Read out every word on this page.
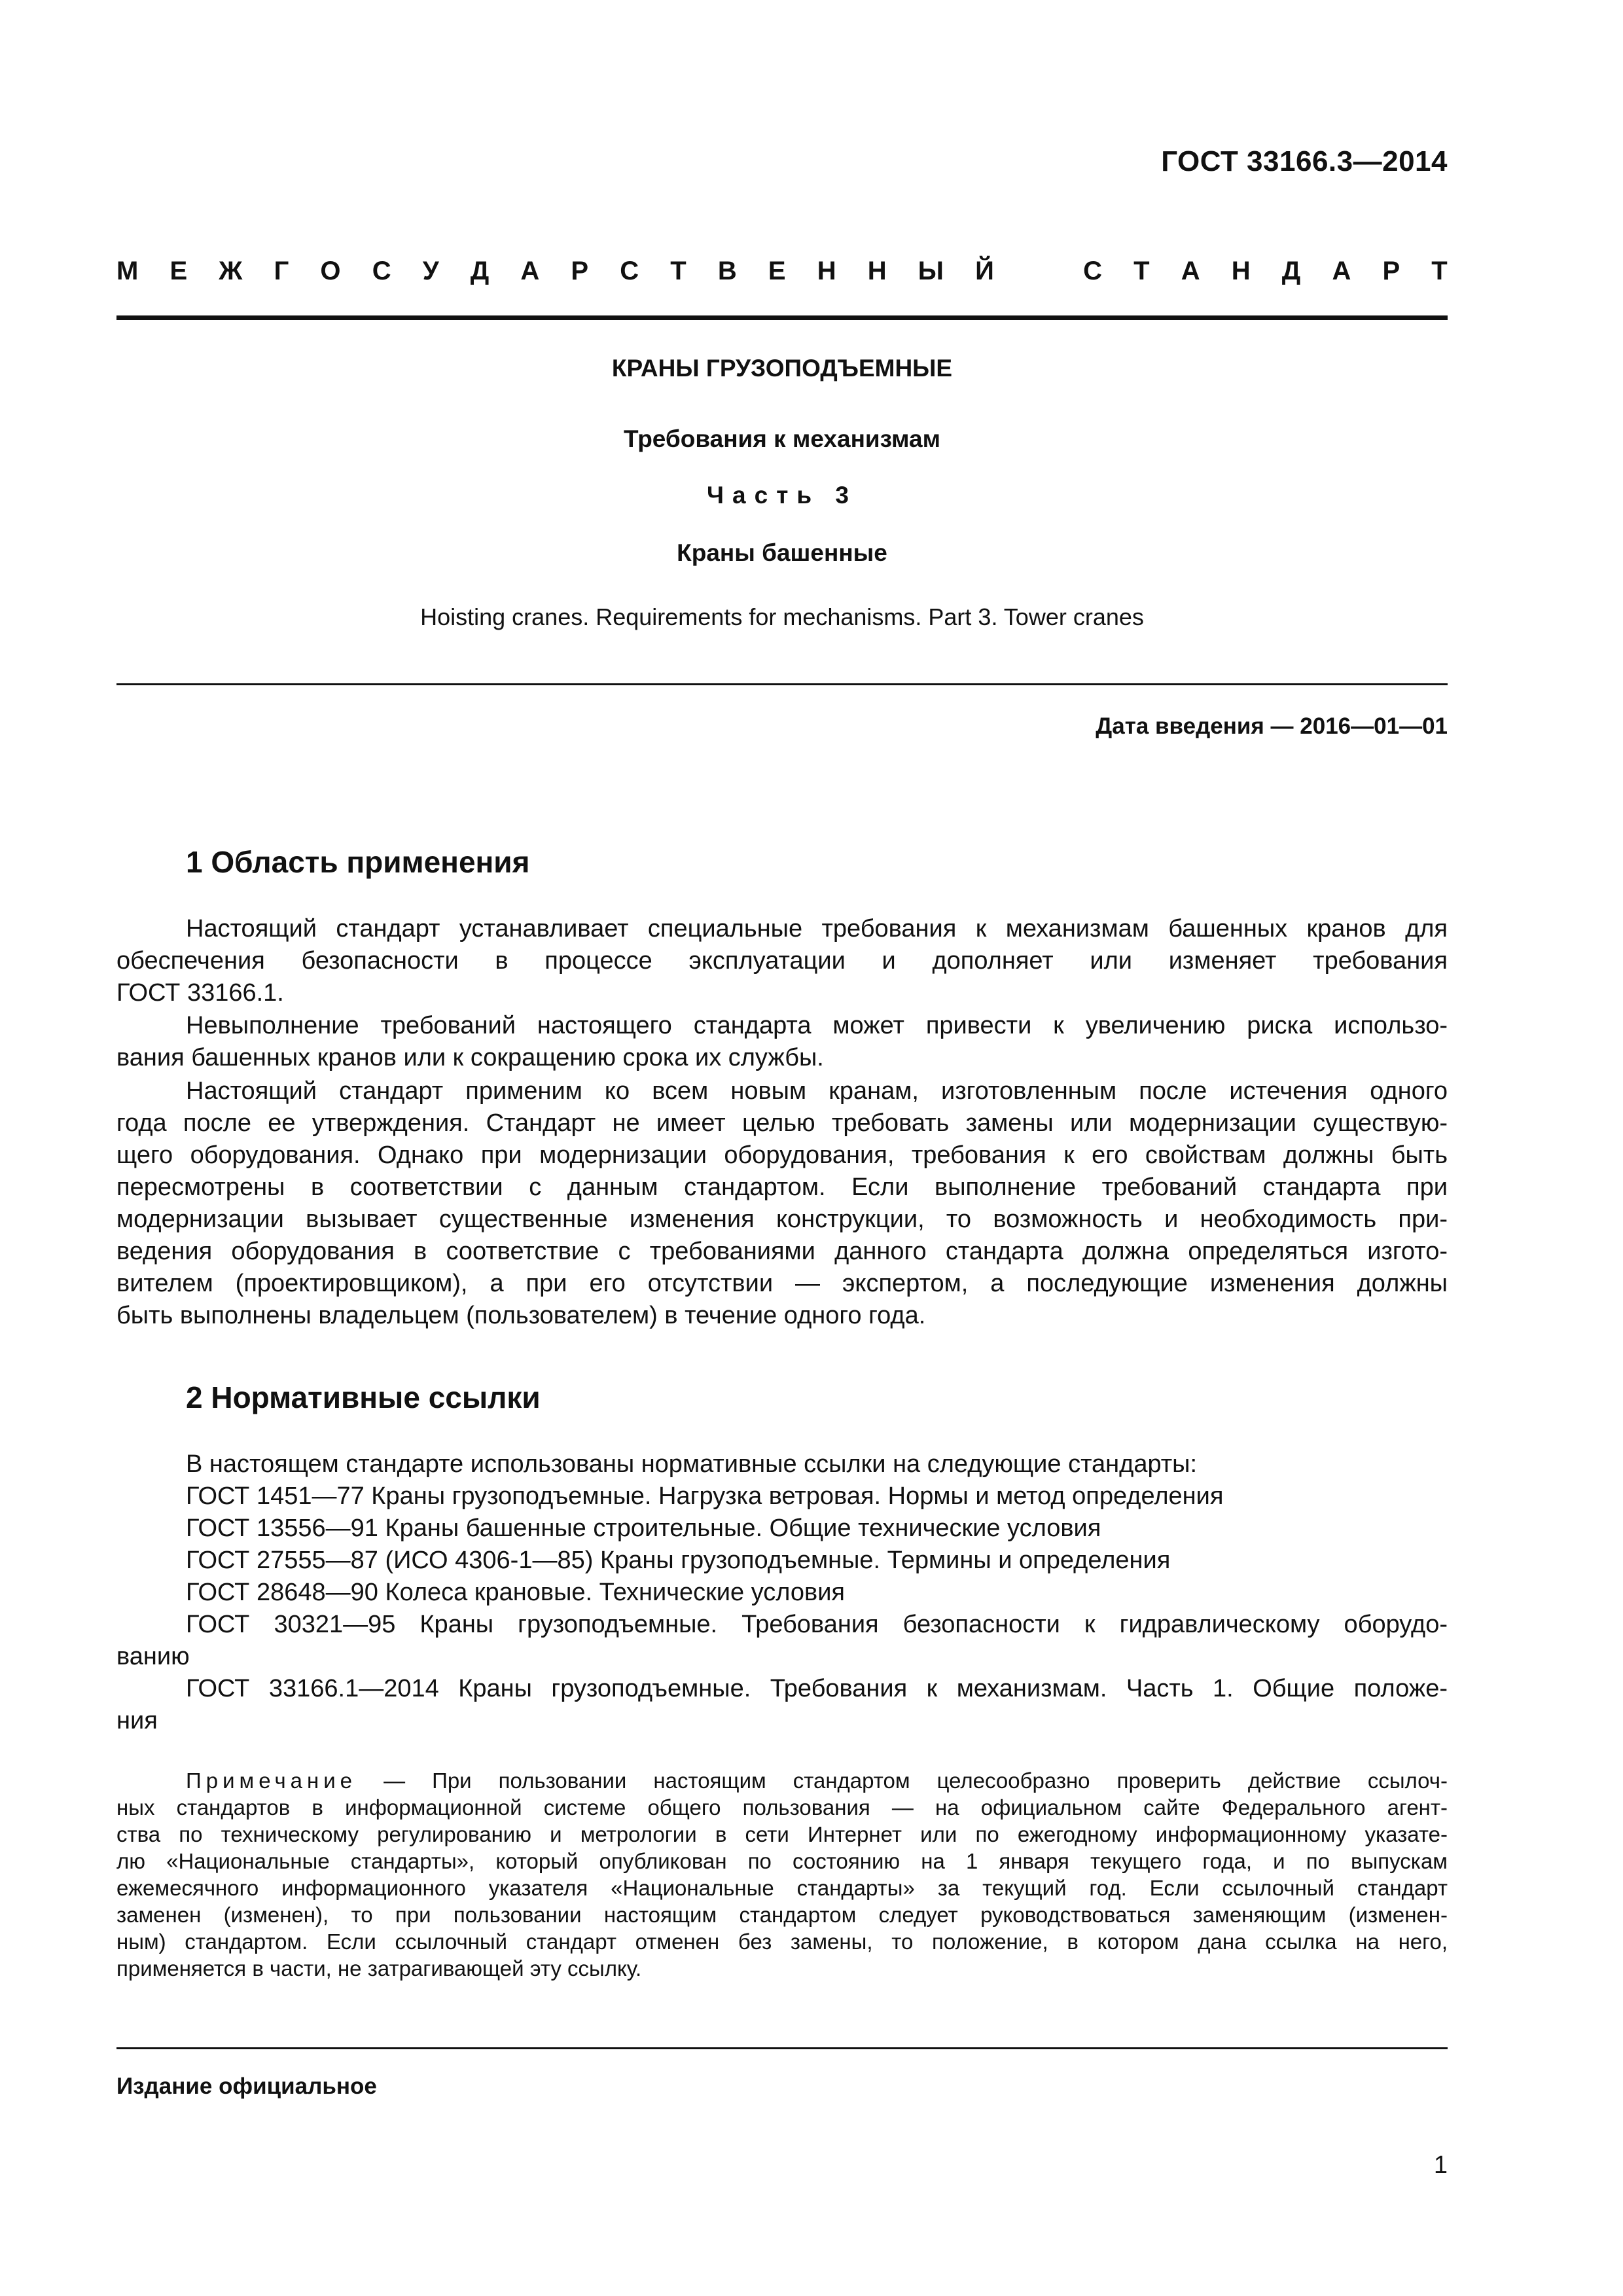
ГОСТ 33166.3—2014
М Е Ж Г О С У Д А Р С Т В Е Н Н Ы Й	С Т А Н Д А Р Т
КРАНЫ ГРУЗОПОДЪЕМНЫЕ
Требования к механизмам
Часть 3
Краны башенные
Hoisting cranes. Requirements for mechanisms. Part 3. Tower cranes
Дата введения — 2016—01—01
1 Область применения
Настоящий стандарт устанавливает специальные требования к механизмам башенных кранов для
обеспечения безопасности в процессе эксплуатации и дополняет или изменяет требования
ГОСТ 33166.1.
Невыполнение требований настоящего стандарта может привести к увеличению риска использо-
вания башенных кранов или к сокращению срока их службы.
Настоящий стандарт применим ко всем новым кранам, изготовленным после истечения одного
года после ее утверждения. Стандарт не имеет целью требовать замены или модернизации существую-
щего оборудования. Однако при модернизации оборудования, требования к его свойствам должны быть
пересмотрены в соответствии с данным стандартом. Если выполнение требований стандарта при
модернизации вызывает существенные изменения конструкции, то возможность и необходимость при-
ведения оборудования в соответствие с требованиями данного стандарта должна определяться изгото-
вителем (проектировщиком), а при его отсутствии — экспертом, а последующие изменения должны
быть выполнены владельцем (пользователем) в течение одного года.
2 Нормативные ссылки
В настоящем стандарте использованы нормативные ссылки на следующие стандарты:
ГОСТ 1451—77 Краны грузоподъемные. Нагрузка ветровая. Нормы и метод определения
ГОСТ 13556—91 Краны башенные строительные. Общие технические условия
ГОСТ 27555—87 (ИСО 4306-1—85) Краны грузоподъемные. Термины и определения
ГОСТ 28648—90 Колеса крановые. Технические условия
ГОСТ 30321—95 Краны грузоподъемные. Требования безопасности к гидравлическому оборудо-
ванию
ГОСТ 33166.1—2014 Краны грузоподъемные. Требования к механизмам. Часть 1. Общие положе-
ния
Примечание — При пользовании настоящим стандартом целесообразно проверить действие ссылоч-
ных стандартов в информационной системе общего пользования — на официальном сайте Федерального агент-
ства по техническому регулированию и метрологии в сети Интернет или по ежегодному информационному указате-
лю «Национальные стандарты», который опубликован по состоянию на 1 января текущего года, и по выпускам
ежемесячного информационного указателя «Национальные стандарты» за текущий год. Если ссылочный стандарт
заменен (изменен), то при пользовании настоящим стандартом следует руководствоваться заменяющим (изменен-
ным) стандартом. Если ссылочный стандарт отменен без замены, то положение, в котором дана ссылка на него,
применяется в части, не затрагивающей эту ссылку.
Издание официальное
1
